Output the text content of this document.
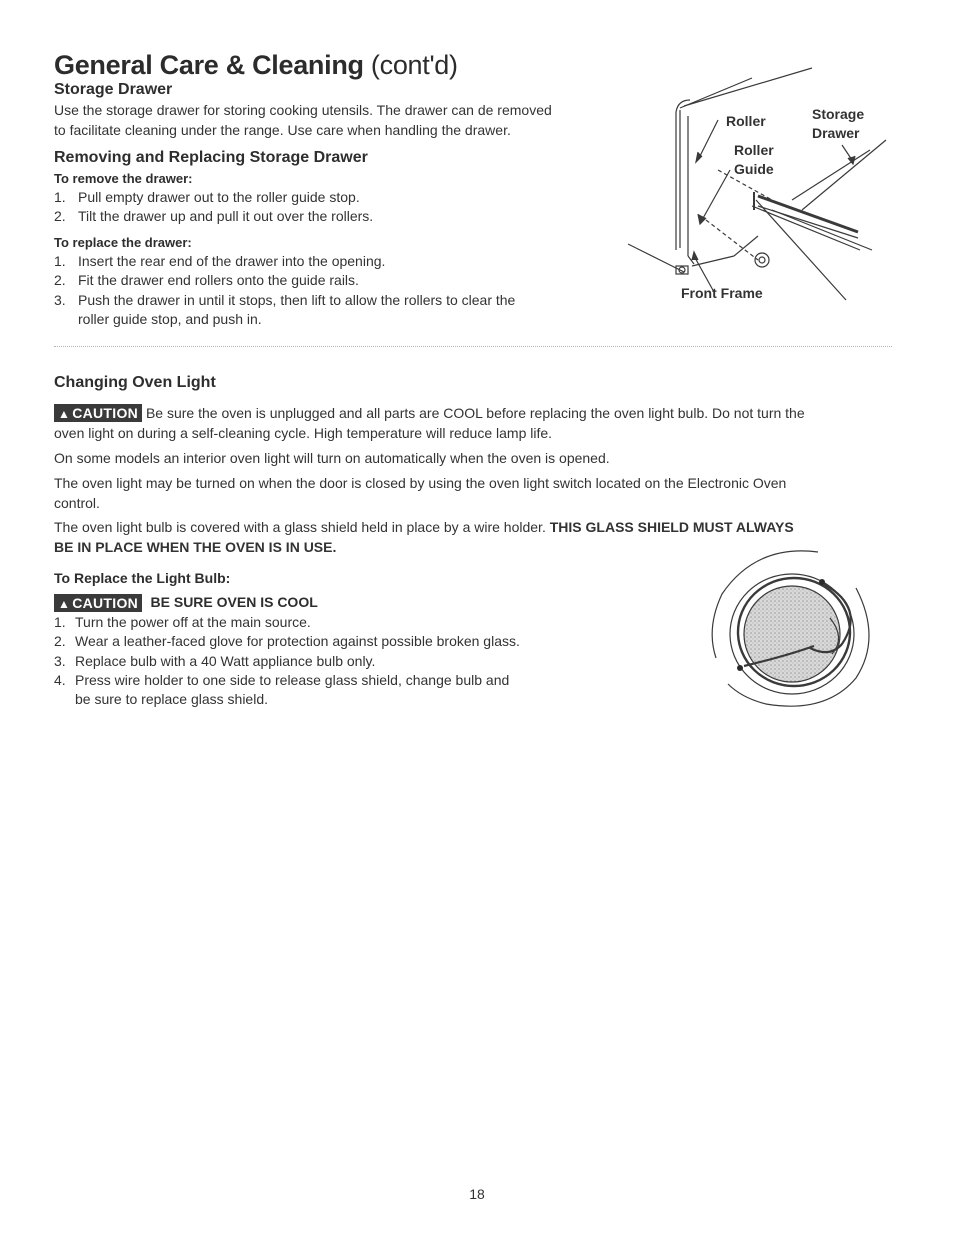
General Care & Cleaning (cont'd)
Storage Drawer
Use the storage drawer for storing cooking utensils. The drawer can de removed
to facilitate cleaning under the range. Use care when handling the drawer.
Removing and Replacing Storage Drawer
To remove the drawer:
1. Pull empty drawer out to the roller guide stop.
2. Tilt the drawer up and pull it out over the rollers.
To replace the drawer:
1. Insert the rear end of the drawer into the opening.
2. Fit the drawer end rollers onto the guide rails.
3. Push the drawer in until it stops, then lift to allow the rollers to clear the
roller guide stop, and push in.
Roller
Roller
Guide
Storage
Drawer
Front Frame
Changing Oven Light
▲ CAUTION Be sure the oven is unplugged and all parts are COOL before replacing the oven light bulb. Do not turn the
oven light on during a self-cleaning cycle. High temperature will reduce lamp life.
On some models an interior oven light will turn on automatically when the oven is opened.
The oven light may be turned on when the door is closed by using the oven light switch located on the Electronic Oven
control.
The oven light bulb is covered with a glass shield held in place by a wire holder. THIS GLASS SHIELD MUST ALWAYS
BE IN PLACE WHEN THE OVEN IS IN USE.
To Replace the Light Bulb:
▲ CAUTION BE SURE OVEN IS COOL
1. Turn the power off at the main source.
2. Wear a leather-faced glove for protection against possible broken glass.
3. Replace bulb with a 40 Watt appliance bulb only.
4. Press wire holder to one side to release glass shield, change bulb and
be sure to replace glass shield.
18
